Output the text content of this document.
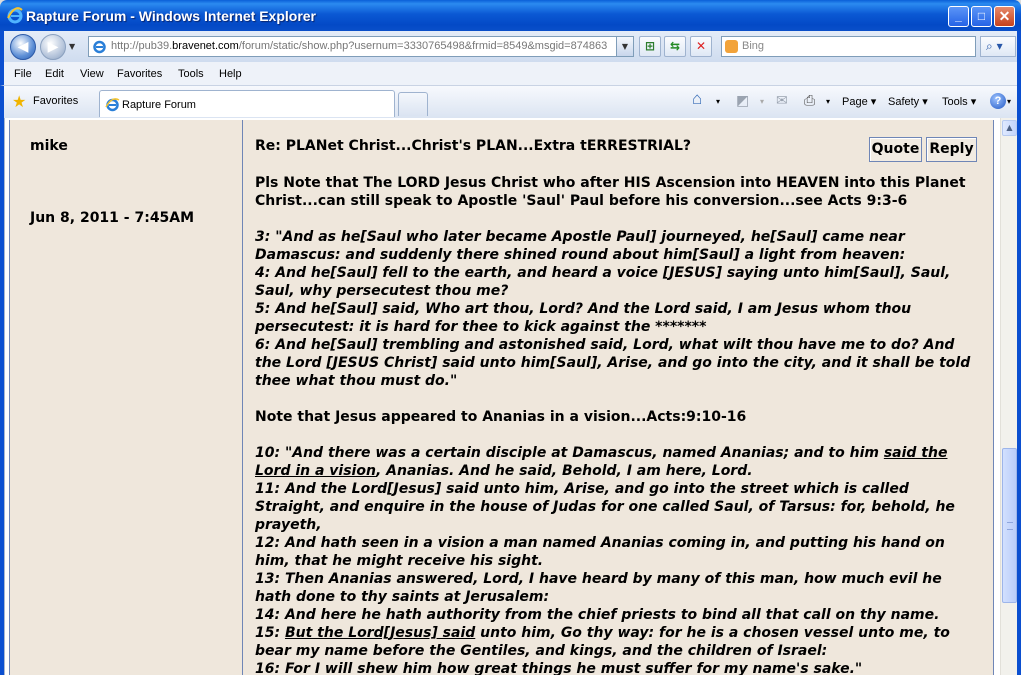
Rapture Forum - Windows Internet Explorer	_	□ ✕
◀	▶	▼	http://pub39.bravenet.com/forum/static/show.php?usernum=3330765498&frmid=8549&msgid=874863	▼	⊞	⇆	✕	Bing	⌕ ▾
File Edit View Favorites Tools Help
★ Favorites	Rapture Forum	⌂ ▾ ◩ ▾ ✉ ⎙ ▾ Page ▾ Safety ▾ Tools ▾	? ▾
mike
Jun 8, 2011 - 7:45AM
Re: PLANet Christ...Christ's PLAN...Extra tERRESTRIAL?	Quote Reply

Pls Note that The LORD Jesus Christ who after HIS Ascension into HEAVEN into this Planet Christ...can still speak to Apostle 'Saul' Paul before his conversion...see Acts 9:3-6

3: "And as he[Saul who later became Apostle Paul] journeyed, he[Saul] came near Damascus: and suddenly there shined round about him[Saul] a light from heaven:

4: And he[Saul] fell to the earth, and heard a voice [JESUS] saying unto him[Saul], Saul, Saul, why persecutest thou me?

5: And he[Saul] said, Who art thou, Lord? And the Lord said, I am Jesus whom thou persecutest: it is hard for thee to kick against the *******

6: And he[Saul] trembling and astonished said, Lord, what wilt thou have me to do? And the Lord [JESUS Christ] said unto him[Saul], Arise, and go into the city, and it shall be told thee what thou must do."

Note that Jesus appeared to Ananias in a vision...Acts:9:10-16

10: "And there was a certain disciple at Damascus, named Ananias; and to him said the Lord in a vision, Ananias. And he said, Behold, I am here, Lord.

11: And the Lord[Jesus] said unto him, Arise, and go into the street which is called Straight, and enquire in the house of Judas for one called Saul, of Tarsus: for, behold, he prayeth,

12: And hath seen in a vision a man named Ananias coming in, and putting his hand on him, that he might receive his sight.

13: Then Ananias answered, Lord, I have heard by many of this man, how much evil he hath done to thy saints at Jerusalem:

14: And here he hath authority from the chief priests to bind all that call on thy name.

15: But the Lord[Jesus] said unto him, Go thy way: for he is a chosen vessel unto me, to bear my name before the Gentiles, and kings, and the children of Israel:

16: For I will shew him how great things he must suffer for my name's sake."

▲
